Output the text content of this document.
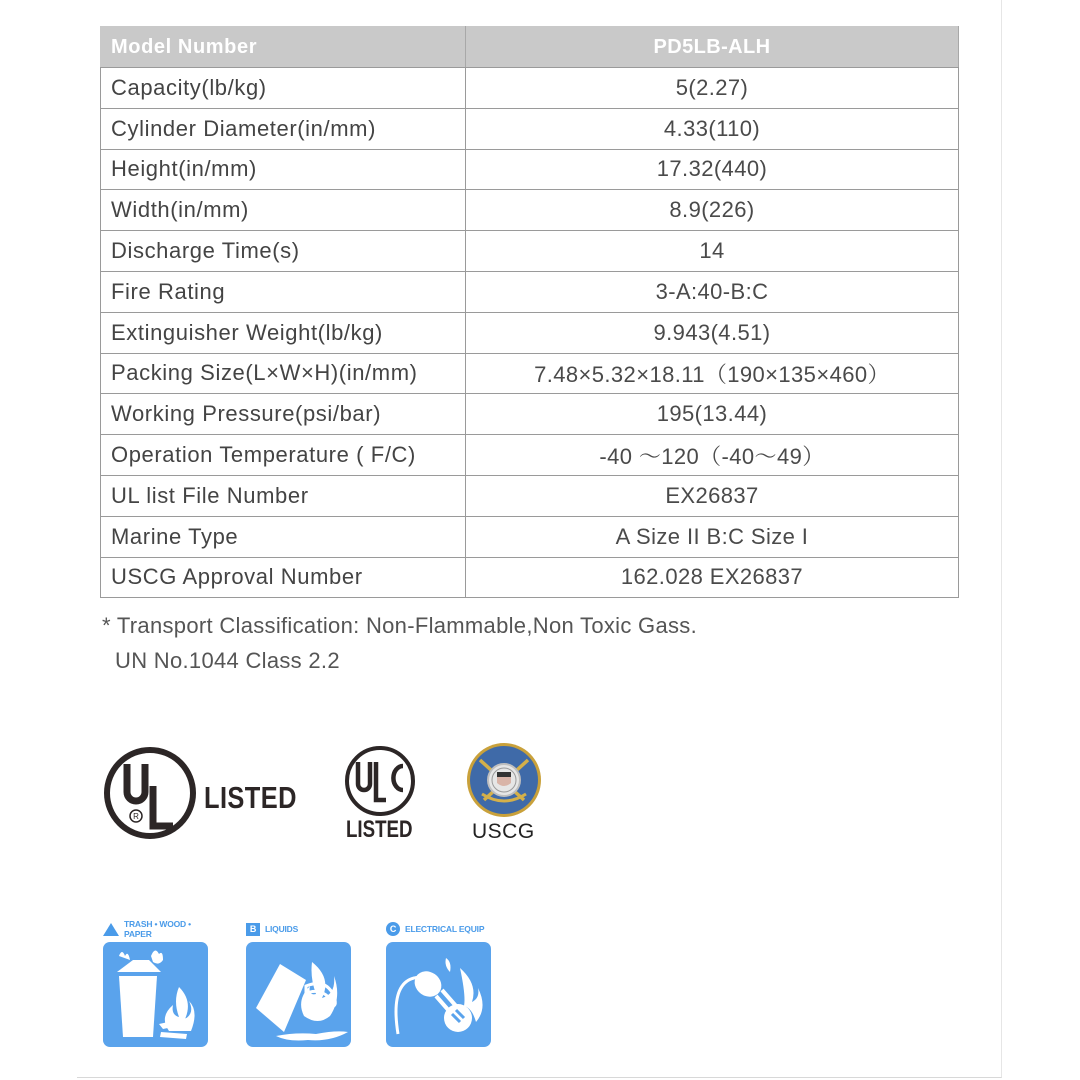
Model Number	PD5LB-ALH
Capacity(lb/kg)	5(2.27)
Cylinder Diameter(in/mm)	4.33(110)
Height(in/mm)	17.32(440)
Width(in/mm)	8.9(226)
Discharge Time(s)	14
Fire Rating	3-A:40-B:C
Extinguisher Weight(lb/kg)	9.943(4.51)
Packing Size(L×W×H)(in/mm)	7.48×5.32×18.11（190×135×460）
Working Pressure(psi/bar)	195(13.44)
Operation Temperature ( F/C)	-40 ～120（-40～49）
UL list File Number	EX26837
Marine Type	A Size II B:C Size I
USCG Approval Number	162.028 EX26837
* Transport Classification: Non-Flammable,Non Toxic Gass.
UN No.1044 Class 2.2
R
LISTED
LISTED	USCG
TRASH • WOOD • PAPER	B	LIQUIDS	C	ELECTRICAL EQUIP
